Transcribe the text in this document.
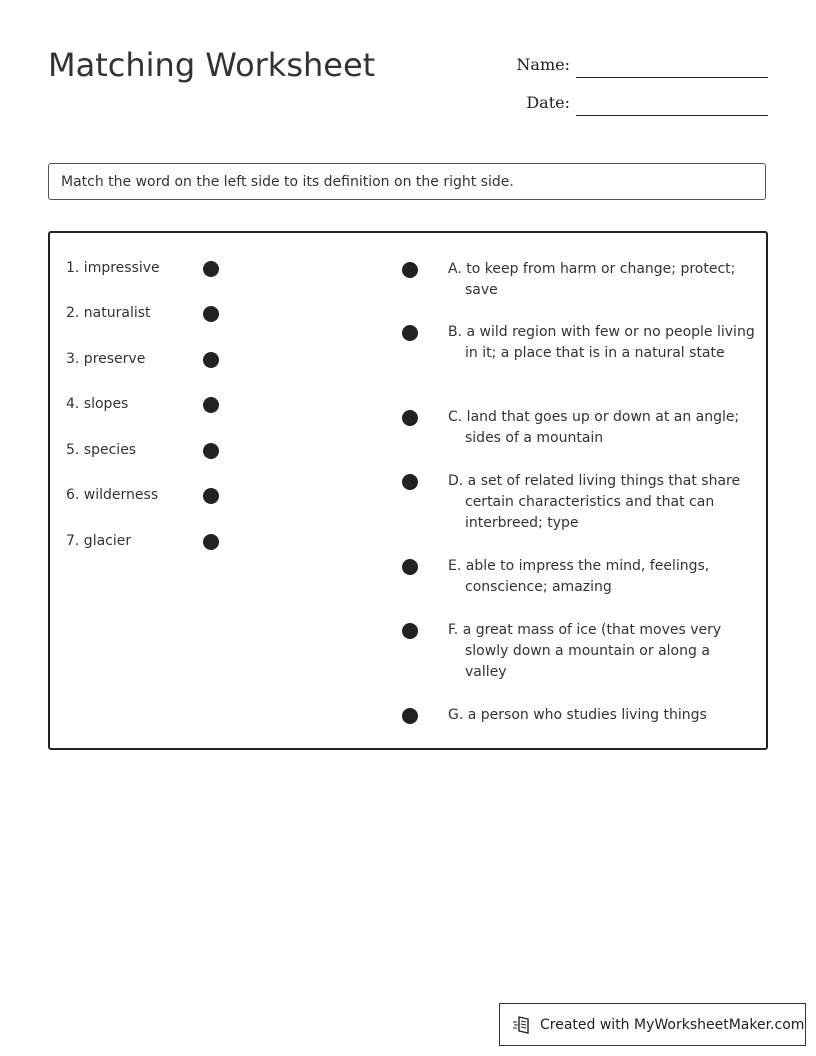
Matching Worksheet	Name:
Date:
Match the word on the left side to its definition on the right side.
1. impressive
2. naturalist
3. preserve
4. slopes
5. species
6. wilderness
7. glacier
A. to keep from harm or change; protect; save
B. a wild region with few or no people living in it; a place that is in a natural state
C. land that goes up or down at an angle; sides of a mountain
D. a set of related living things that share certain characteristics and that can interbreed; type
E. able to impress the mind, feelings, conscience; amazing
F. a great mass of ice (that moves very slowly down a mountain or along a valley
G. a person who studies living things
Created with MyWorksheetMaker.com
